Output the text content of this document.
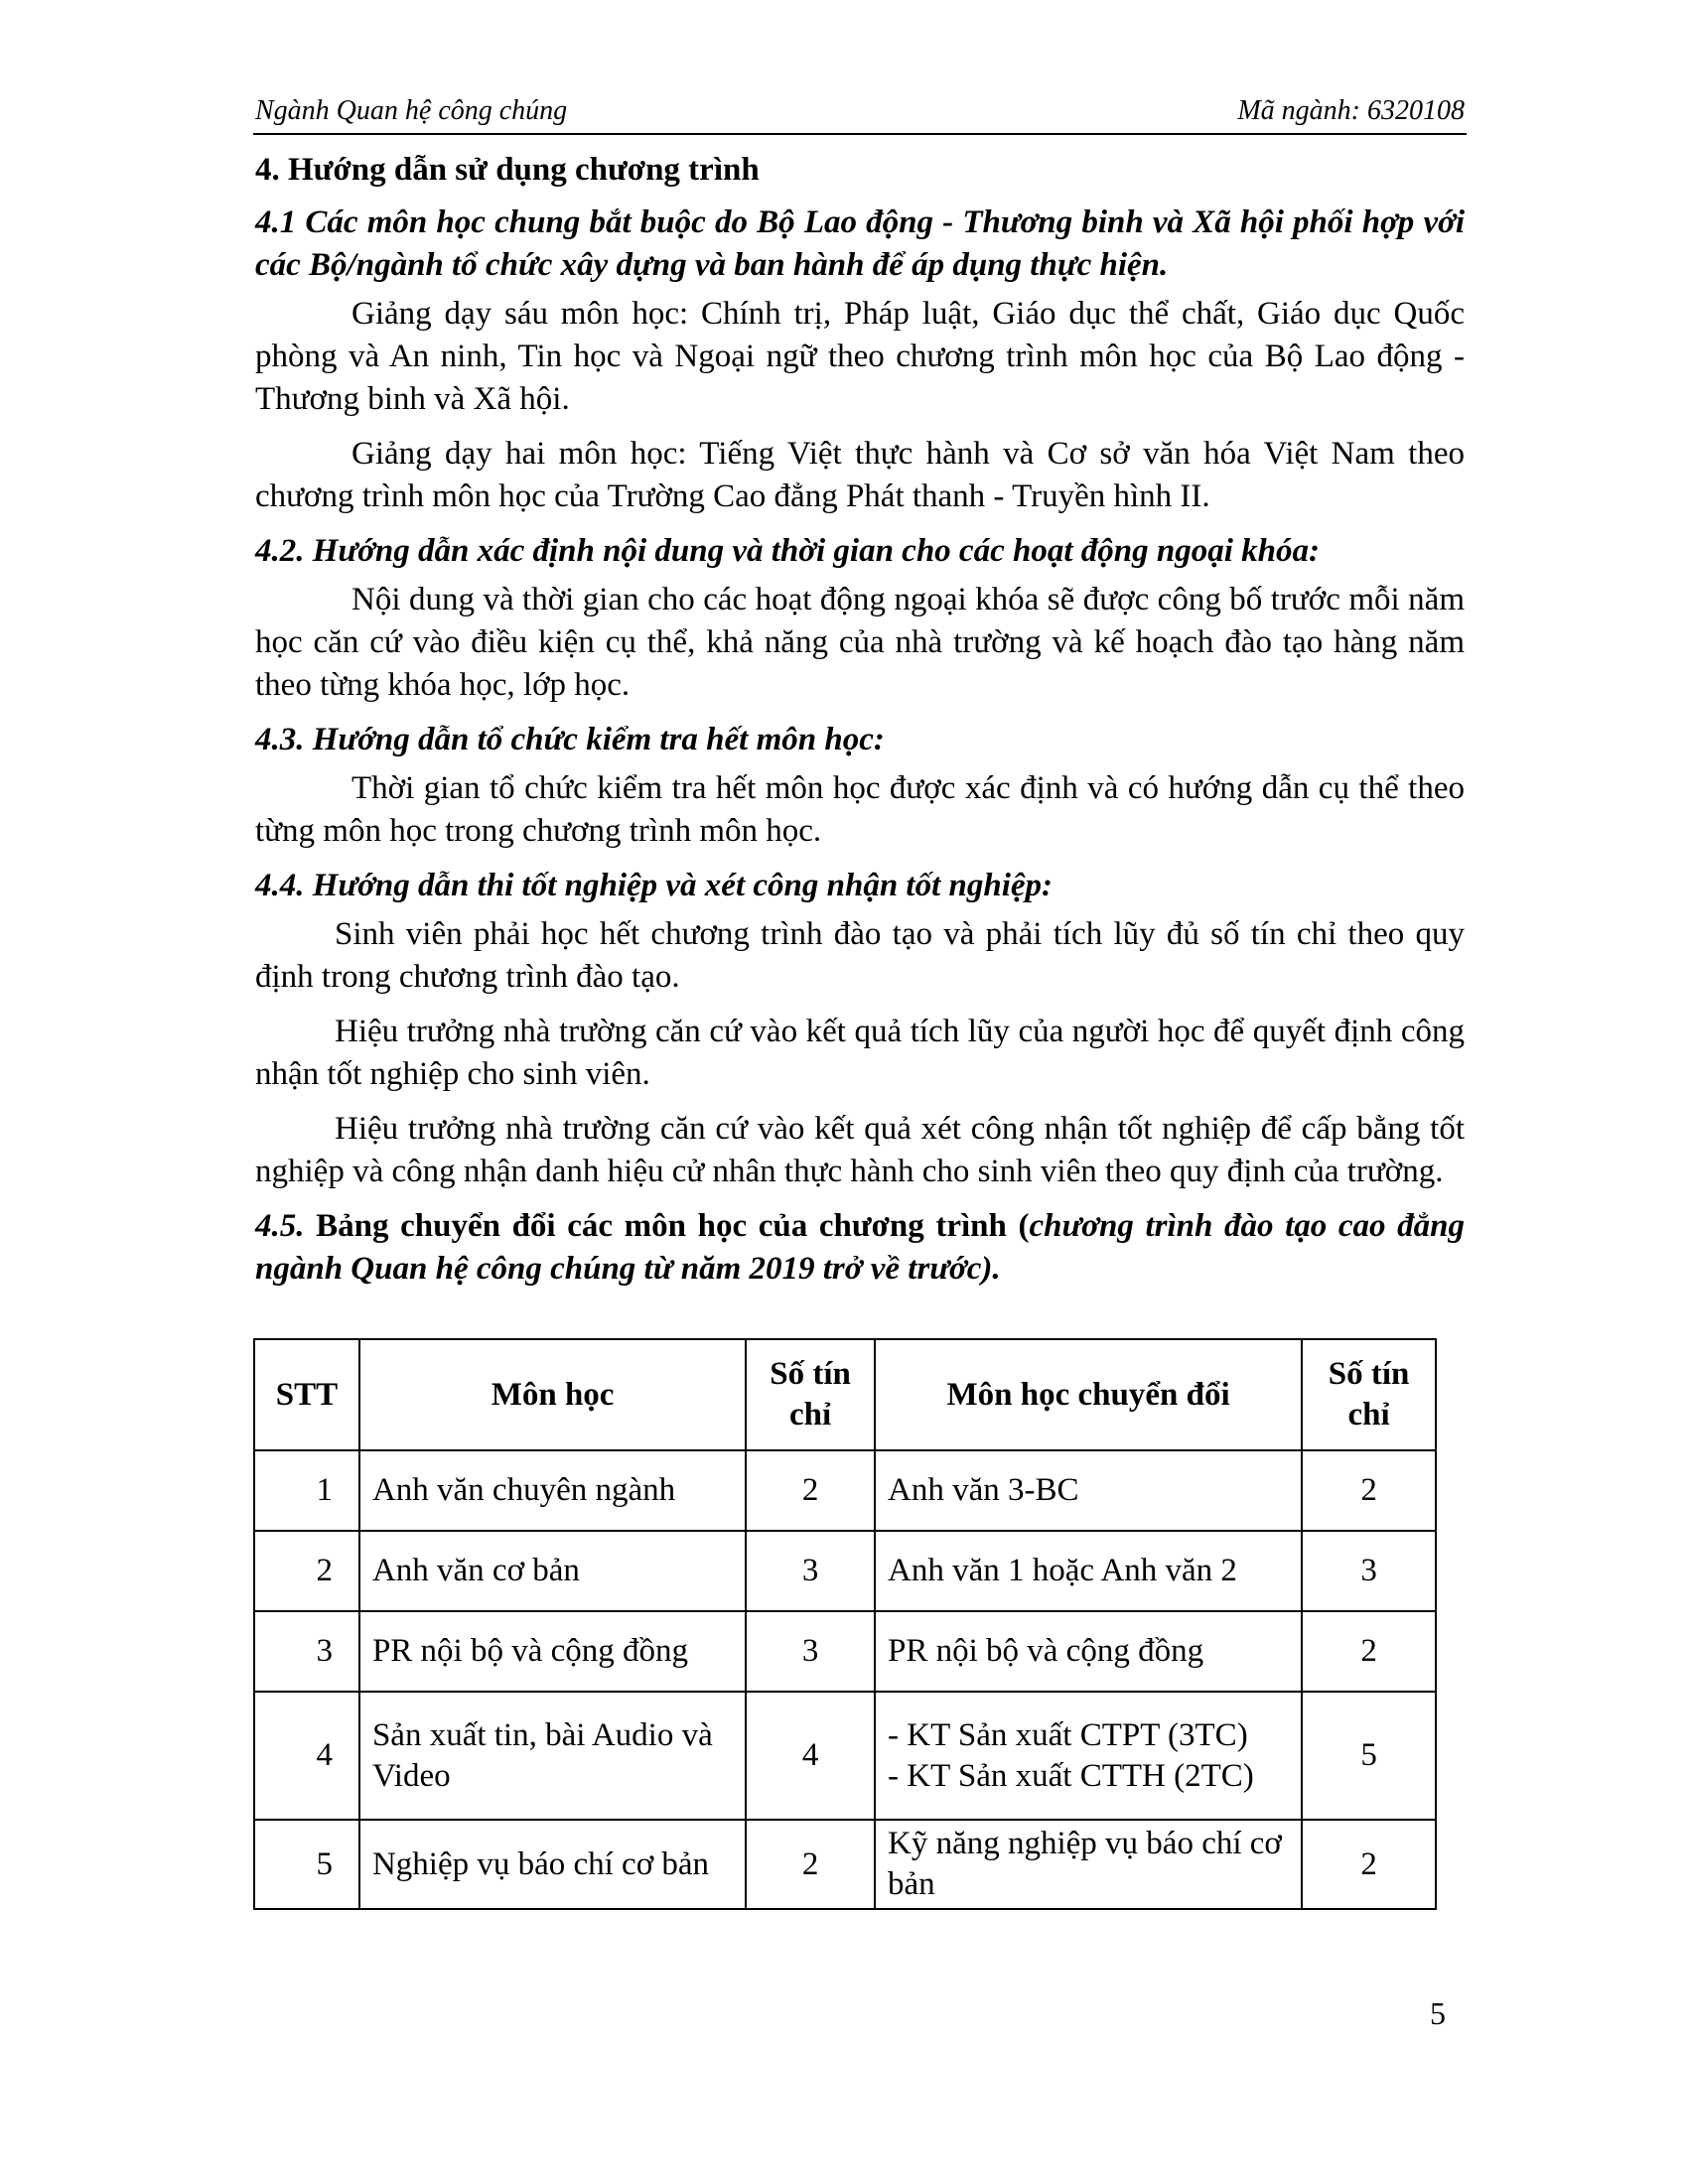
Ngành Quan hệ công chúng	Mã ngành: 6320108

4. Hướng dẫn sử dụng chương trình

4.1 Các môn học chung bắt buộc do Bộ Lao động - Thương binh và Xã hội phối hợp với các Bộ/ngành tổ chức xây dựng và ban hành để áp dụng thực hiện.

Giảng dạy sáu môn học: Chính trị, Pháp luật, Giáo dục thể chất, Giáo dục Quốc phòng và An ninh, Tin học và Ngoại ngữ theo chương trình môn học của Bộ Lao động - Thương binh và Xã hội.

Giảng dạy hai môn học: Tiếng Việt thực hành và Cơ sở văn hóa Việt Nam theo chương trình môn học của Trường Cao đẳng Phát thanh - Truyền hình II.

4.2. Hướng dẫn xác định nội dung và thời gian cho các hoạt động ngoại khóa:

Nội dung và thời gian cho các hoạt động ngoại khóa sẽ được công bố trước mỗi năm học căn cứ vào điều kiện cụ thể, khả năng của nhà trường và kế hoạch đào tạo hàng năm theo từng khóa học, lớp học.

4.3. Hướng dẫn tổ chức kiểm tra hết môn học:

Thời gian tổ chức kiểm tra hết môn học được xác định và có hướng dẫn cụ thể theo từng môn học trong chương trình môn học.

4.4. Hướng dẫn thi tốt nghiệp và xét công nhận tốt nghiệp:

Sinh viên phải học hết chương trình đào tạo và phải tích lũy đủ số tín chỉ theo quy định trong chương trình đào tạo.

Hiệu trưởng nhà trường căn cứ vào kết quả tích lũy của người học để quyết định công nhận tốt nghiệp cho sinh viên.

Hiệu trưởng nhà trường căn cứ vào kết quả xét công nhận tốt nghiệp để cấp bằng tốt nghiệp và công nhận danh hiệu cử nhân thực hành cho sinh viên theo quy định của trường.

4.5. Bảng chuyển đổi các môn học của chương trình (chương trình đào tạo cao đẳng ngành Quan hệ công chúng từ năm 2019 trở về trước).

STT	Môn học	Số tín chỉ	Môn học chuyển đổi	Số tín chỉ
1	Anh văn chuyên ngành	2	Anh văn 3-BC	2
2	Anh văn cơ bản	3	Anh văn 1 hoặc Anh văn 2	3
3	PR nội bộ và cộng đồng	3	PR nội bộ và cộng đồng	2
4	Sản xuất tin, bài Audio và Video	4	- KT Sản xuất CTPT (3TC)
- KT Sản xuất CTTH (2TC)	5
5	Nghiệp vụ báo chí cơ bản	2	Kỹ năng nghiệp vụ báo chí cơ bản	2
5
